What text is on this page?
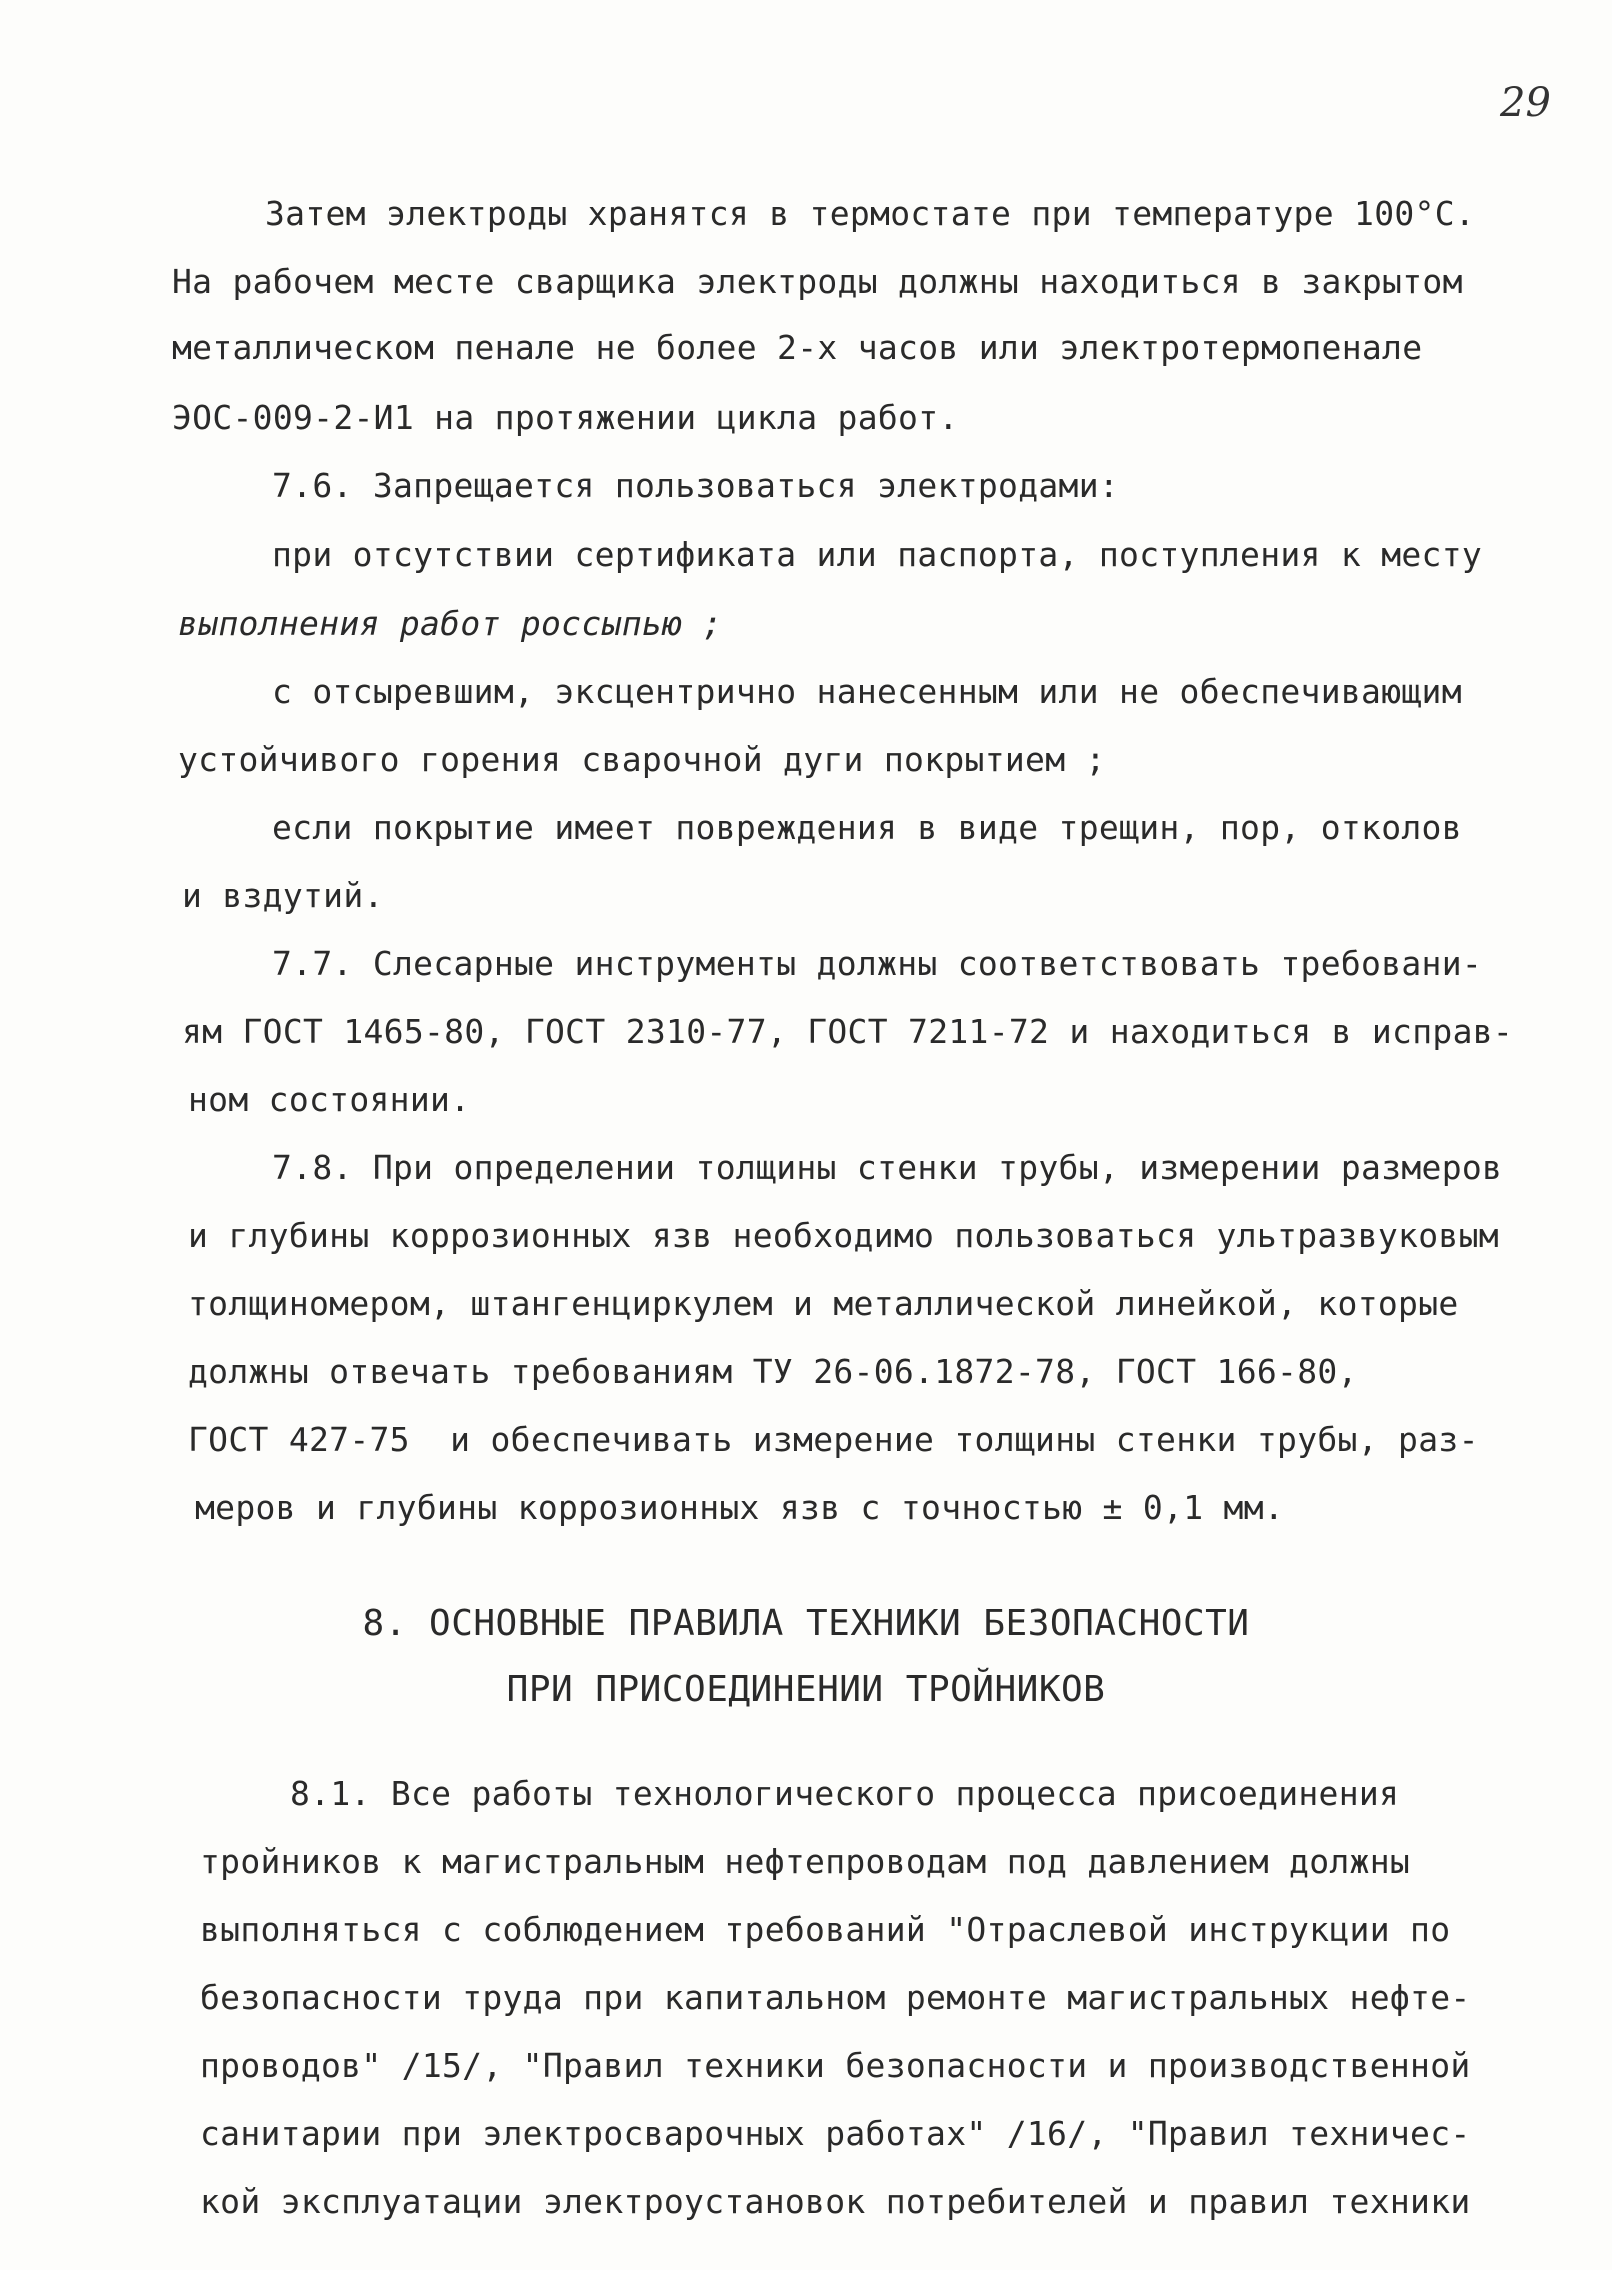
29
Затем электроды хранятся в термостате при температуре 100°С.
На рабочем месте сварщика электроды должны находиться в закрытом
металлическом пенале не более 2-х часов или электротермопенале
ЭОС-009-2-И1 на протяжении цикла работ.
7.6. Запрещается пользоваться электродами:
при отсутствии сертификата или паспорта, поступления к месту
выполнения работ россыпью ;
с отсыревшим, эксцентрично нанесенным или не обеспечивающим
устойчивого горения сварочной дуги покрытием ;
если покрытие имеет повреждения в виде трещин, пор, отколов
и вздутий.
7.7. Слесарные инструменты должны соответствовать требовани-
ям ГОСТ 1465-80, ГОСТ 2310-77, ГОСТ 7211-72 и находиться в исправ-
ном состоянии.
7.8. При определении толщины стенки трубы, измерении размеров
и глубины коррозионных язв необходимо пользоваться ультразвуковым
толщиномером, штангенциркулем и металлической линейкой, которые
должны отвечать требованиям ТУ 26-06.1872-78, ГОСТ 166-80,
ГОСТ 427-75  и обеспечивать измерение толщины стенки трубы, раз-
меров и глубины коррозионных язв с точностью ± 0,1 мм.
8. ОСНОВНЫЕ ПРАВИЛА ТЕХНИКИ БЕЗОПАСНОСТИ
ПРИ ПРИСОЕДИНЕНИИ ТРОЙНИКОВ
8.1. Все работы технологического процесса присоединения
тройников к магистральным нефтепроводам под давлением должны
выполняться с соблюдением требований "Отраслевой инструкции по
безопасности труда при капитальном ремонте магистральных нефте-
проводов" /15/, "Правил техники безопасности и производственной
санитарии при электросварочных работах" /16/, "Правил техничес-
кой эксплуатации электроустановок потребителей и правил техники
